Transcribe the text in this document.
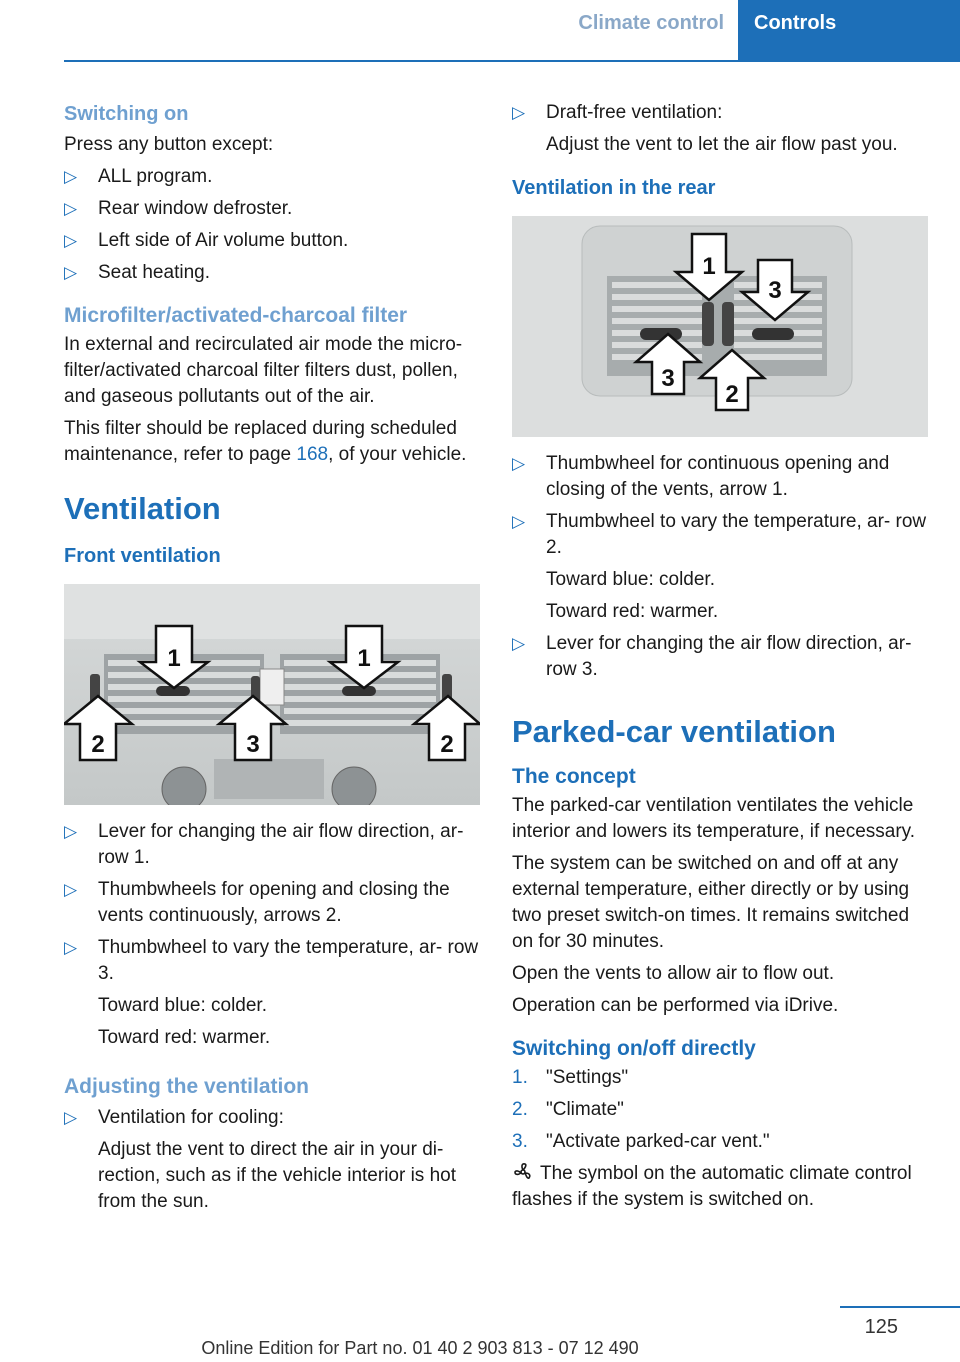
Climate control	Controls
Switching on

Press any button except:

▷ ALL program.
▷ Rear window defroster.
▷ Left side of Air volume button.
▷ Seat heating.
Microfilter/activated-charcoal filter

In external and recirculated air mode the micro‐filter/activated charcoal filter filters dust, pollen, and gaseous pollutants out of the air.

This filter should be replaced during scheduled maintenance, refer to page 168, of your vehicle.

Ventilation
Front ventilation
1	1
2	3	2
▷ Lever for changing the air flow direction, ar‐ row 1.
▷ Thumbwheels for opening and closing the vents continuously, arrows 2.
▷ Thumbwheel to vary the temperature, ar‐ row 3.
Toward blue: colder.
Toward red: warmer.
Adjusting the ventilation
▷ Ventilation for cooling:
Adjust the vent to direct the air in your di‐ rection, such as if the vehicle interior is hot from the sun.
▷ Draft-free ventilation:
Adjust the vent to let the air flow past you.
Ventilation in the rear
1
3
3
2
▷ Thumbwheel for continuous opening and closing of the vents, arrow 1.
▷ Thumbwheel to vary the temperature, ar‐ row 2.
Toward blue: colder.
Toward red: warmer.
▷ Lever for changing the air flow direction, ar‐ row 3.
Parked-car ventilation
The concept

The parked-car ventilation ventilates the vehicle interior and lowers its temperature, if necessary.

The system can be switched on and off at any external temperature, either directly or by using two preset switch-on times. It remains switched on for 30 minutes.

Open the vents to allow air to flow out.

Operation can be performed via iDrive.

Switching on/off directly
1. "Settings"
2. "Climate"
3. "Activate parked-car vent."

The symbol on the automatic climate control flashes if the system is switched on.

125
Online Edition for Part no. 01 40 2 903 813 - 07 12 490
